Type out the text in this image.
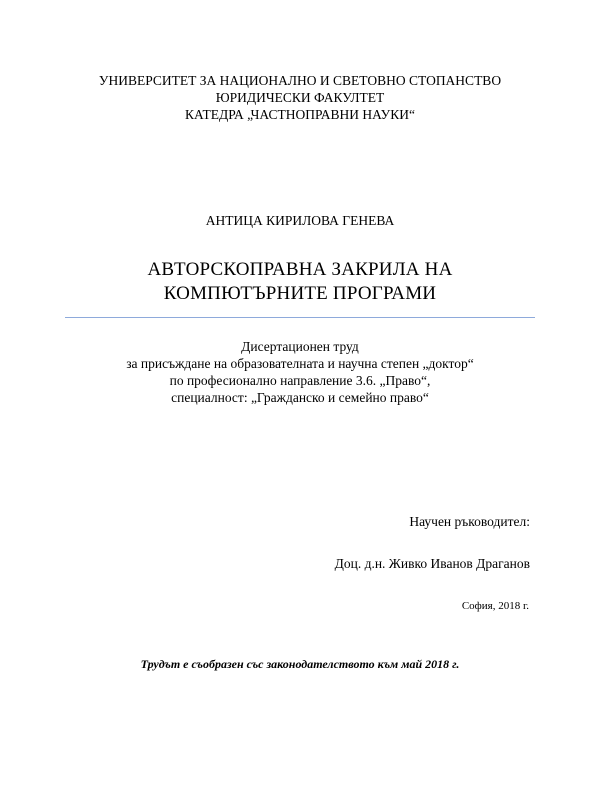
УНИВЕРСИТЕТ ЗА НАЦИОНАЛНО И СВЕТОВНО СТОПАНСТВО
ЮРИДИЧЕСКИ ФАКУЛТЕТ
КАТЕДРА „ЧАСТНОПРАВНИ НАУКИ“
АНТИЦА КИРИЛОВА ГЕНЕВА
АВТОРСКОПРАВНА ЗАКРИЛА НА
КОМПЮТЪРНИТЕ ПРОГРАМИ
Дисертационен труд
за присъждане на образователната и научна степен „доктор“
по професионално направление 3.6. „Право“,
специалност: „Гражданско и семейно право“
Научен ръководител:
Доц. д.н. Живко Иванов Драганов
София, 2018 г.
Трудът е съобразен със законодателството към май 2018 г.
